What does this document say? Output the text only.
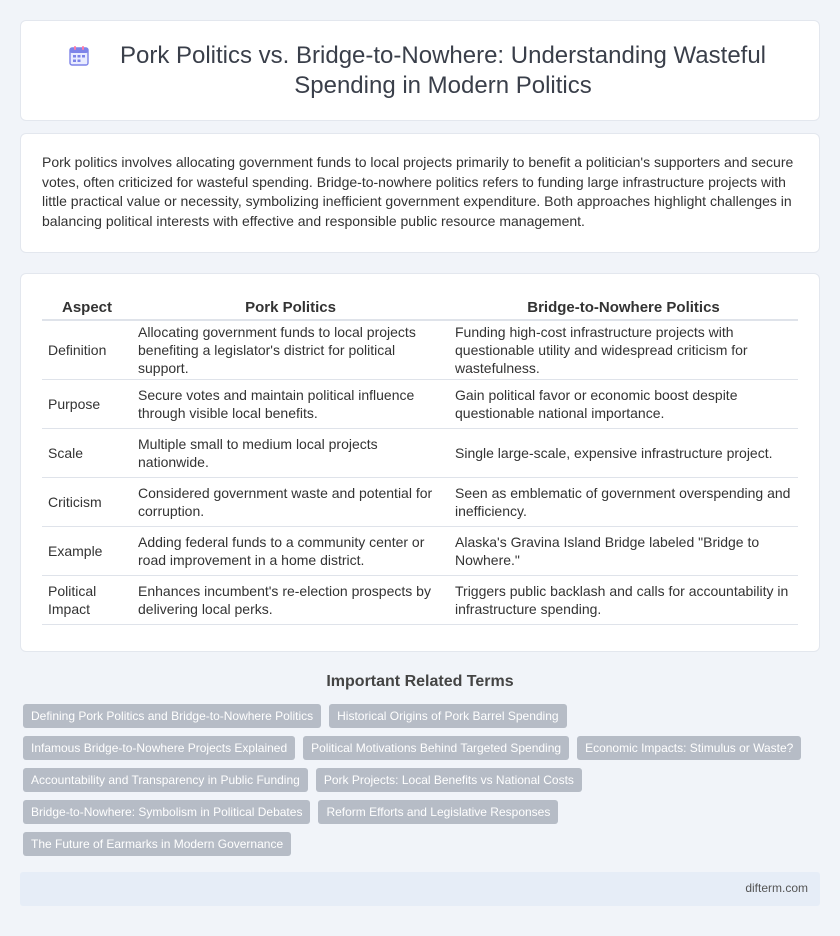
Pork Politics vs. Bridge-to-Nowhere: Understanding Wasteful Spending in Modern Politics

Pork politics involves allocating government funds to local projects primarily to benefit a politician's supporters and secure votes, often criticized for wasteful spending. Bridge-to-nowhere politics refers to funding large infrastructure projects with little practical value or necessity, symbolizing inefficient government expenditure. Both approaches highlight challenges in balancing political interests with effective and responsible public resource management.

Aspect	Pork Politics	Bridge-to-Nowhere Politics
Definition	Allocating government funds to local projects benefiting a legislator's district for political support.	Funding high-cost infrastructure projects with questionable utility and widespread criticism for wastefulness.
Purpose	Secure votes and maintain political influence through visible local benefits.	Gain political favor or economic boost despite questionable national importance.
Scale	Multiple small to medium local projects nationwide.	Single large-scale, expensive infrastructure project.
Criticism	Considered government waste and potential for corruption.	Seen as emblematic of government overspending and inefficiency.
Example	Adding federal funds to a community center or road improvement in a home district.	Alaska's Gravina Island Bridge labeled "Bridge to Nowhere."
Political Impact	Enhances incumbent's re-election prospects by delivering local perks.	Triggers public backlash and calls for accountability in infrastructure spending.
Important Related Terms
Defining Pork Politics and Bridge-to-Nowhere Politics	Historical Origins of Pork Barrel Spending
Infamous Bridge-to-Nowhere Projects Explained	Political Motivations Behind Targeted Spending	Economic Impacts: Stimulus or Waste?
Accountability and Transparency in Public Funding	Pork Projects: Local Benefits vs National Costs
Bridge-to-Nowhere: Symbolism in Political Debates	Reform Efforts and Legislative Responses
The Future of Earmarks in Modern Governance
difterm.com
